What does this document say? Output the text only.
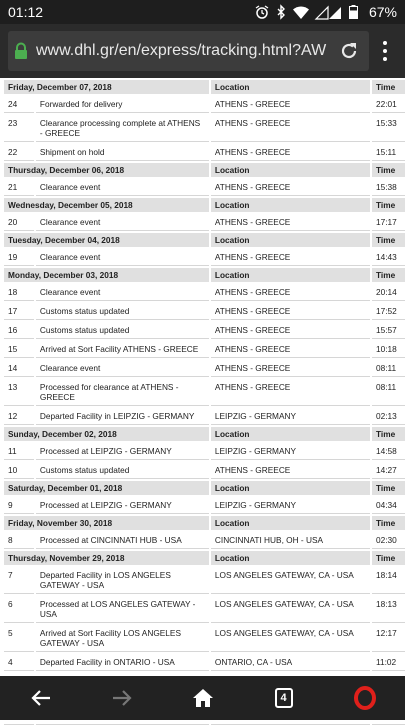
01:12	67%
www.dhl.gr/en/express/tracking.html?AW
Friday, December 07, 2018		Location	Time
24	Forwarded for delivery	ATHENS - GREECE	22:01
23	Clearance processing complete at ATHENS - GREECE	ATHENS - GREECE	15:33
22	Shipment on hold	ATHENS - GREECE	15:11
Thursday, December 06, 2018		Location	Time
21	Clearance event	ATHENS - GREECE	15:38
Wednesday, December 05, 2018		Location	Time
20	Clearance event	ATHENS - GREECE	17:17
Tuesday, December 04, 2018		Location	Time
19	Clearance event	ATHENS - GREECE	14:43
Monday, December 03, 2018		Location	Time
18	Clearance event	ATHENS - GREECE	20:14
17	Customs status updated	ATHENS - GREECE	17:52
16	Customs status updated	ATHENS - GREECE	15:57
15	Arrived at Sort Facility ATHENS - GREECE	ATHENS - GREECE	10:18
14	Clearance event	ATHENS - GREECE	08:11
13	Processed for clearance at ATHENS - GREECE	ATHENS - GREECE	08:11
12	Departed Facility in LEIPZIG - GERMANY	LEIPZIG - GERMANY	02:13
Sunday, December 02, 2018		Location	Time
11	Processed at LEIPZIG - GERMANY	LEIPZIG - GERMANY	14:58
10	Customs status updated	ATHENS - GREECE	14:27
Saturday, December 01, 2018		Location	Time
9	Processed at LEIPZIG - GERMANY	LEIPZIG - GERMANY	04:34
Friday, November 30, 2018		Location	Time
8	Processed at CINCINNATI HUB - USA	CINCINNATI HUB, OH - USA	02:30
Thursday, November 29, 2018		Location	Time
7	Departed Facility in LOS ANGELES GATEWAY - USA	LOS ANGELES GATEWAY, CA - USA	18:14
6	Processed at LOS ANGELES GATEWAY - USA	LOS ANGELES GATEWAY, CA - USA	18:13
5	Arrived at Sort Facility LOS ANGELES GATEWAY - USA	LOS ANGELES GATEWAY, CA - USA	12:17
4	Departed Facility in ONTARIO - USA	ONTARIO, CA - USA	11:02

4
